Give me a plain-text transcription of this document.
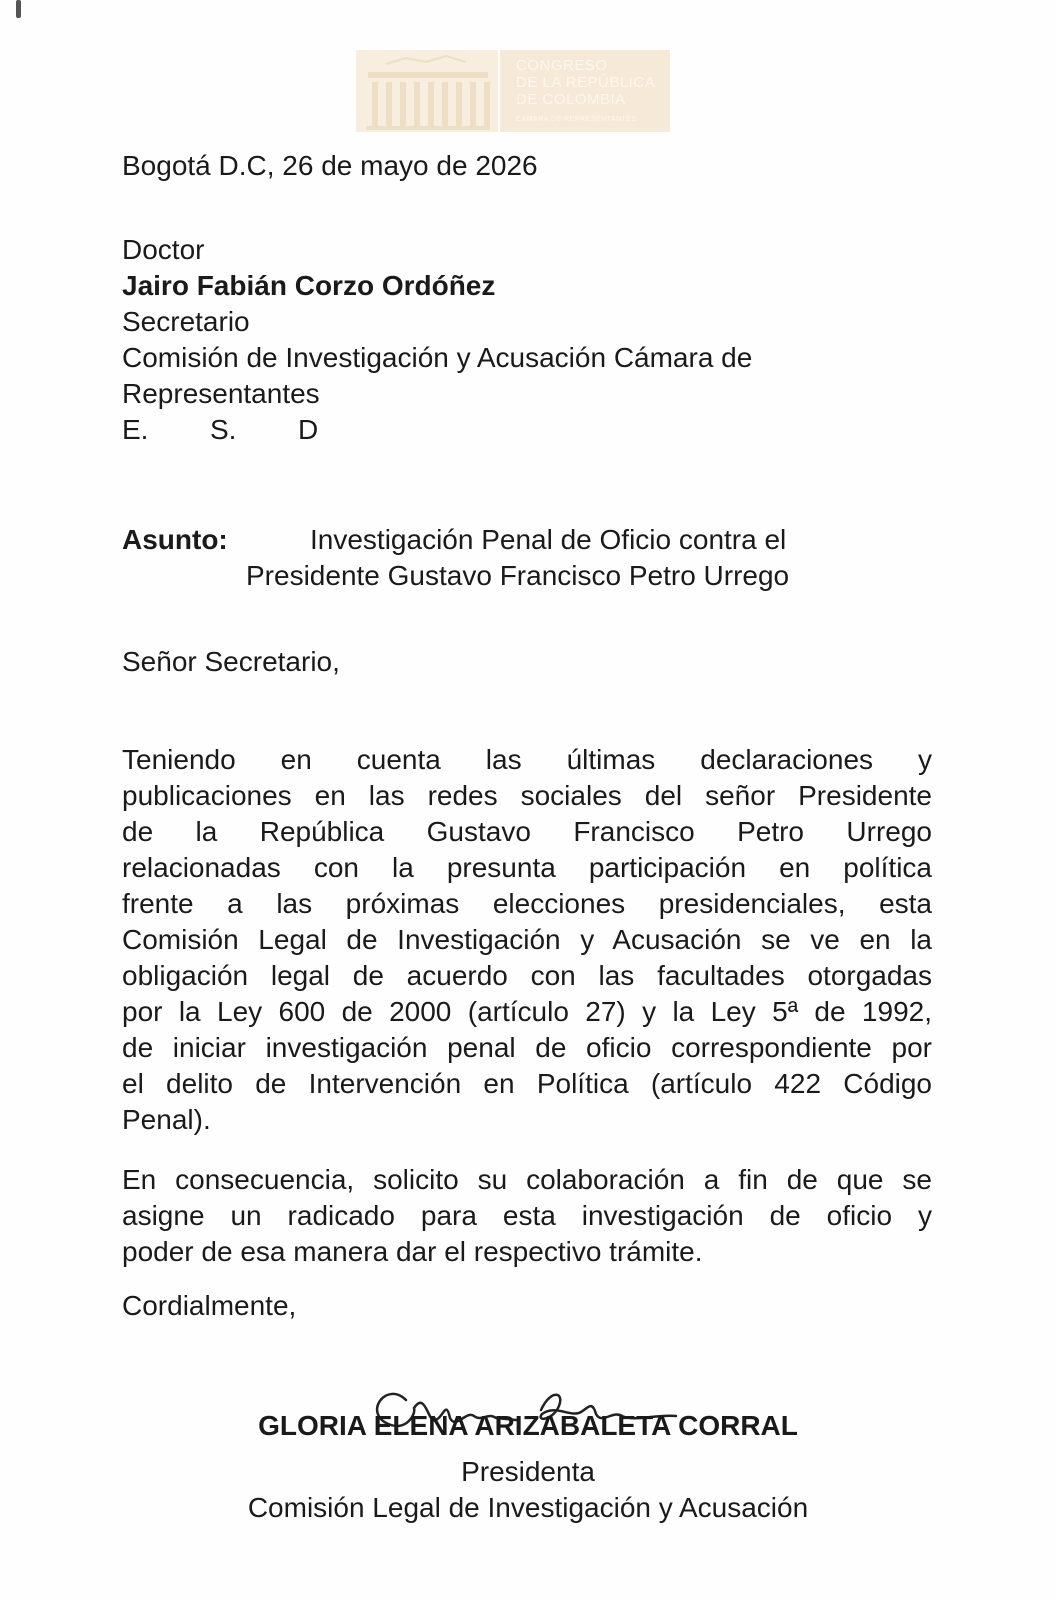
CONGRESO
DE LA REPÚBLICA
DE COLOMBIA
CÁMARA DE REPRESENTANTES
Bogotá D.C, 26 de mayo de 2026
Doctor
Jairo Fabián Corzo Ordóñez
Secretario
Comisión de Investigación y Acusación Cámara de
Representantes
E. S. D
Asunto:	Investigación Penal de Oficio contra el
Presidente Gustavo Francisco Petro Urrego
Señor Secretario,
Teniendo en cuenta las últimas declaraciones y
publicaciones en las redes sociales del señor Presidente
de la República Gustavo Francisco Petro Urrego
relacionadas con la presunta participación en política
frente a las próximas elecciones presidenciales, esta
Comisión Legal de Investigación y Acusación se ve en la
obligación legal de acuerdo con las facultades otorgadas
por la Ley 600 de 2000 (artículo 27) y la Ley 5ª de 1992,
de iniciar investigación penal de oficio correspondiente por
el delito de Intervención en Política (artículo 422 Código
Penal).
En consecuencia, solicito su colaboración a fin de que se
asigne un radicado para esta investigación de oficio y
poder de esa manera dar el respectivo trámite.
Cordialmente,
GLORIA ELENA ARIZABALETA CORRAL
Presidenta
Comisión Legal de Investigación y Acusación
